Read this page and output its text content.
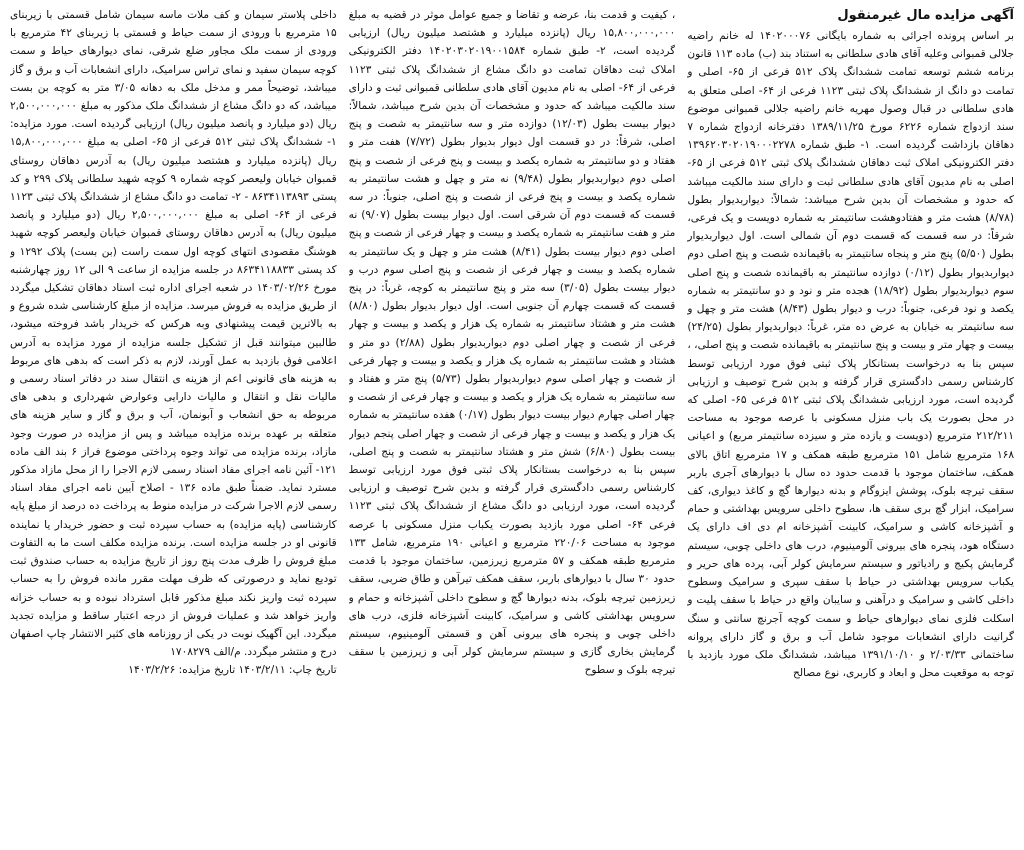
آگهی مزایده مال غیرمنقول

بر اساس پرونده اجرائی به شماره بایگانی ۱۴۰۲۰۰۰۷۶ له خانم راضیه جلالی قمبوانی وعلیه آقای هادی سلطانی به استناد بند (ب) ماده ۱۱۳ قانون برنامه ششم توسعه تمامت ششدانگ پلاک ۵۱۲ فرعی از ۶۵- اصلی و تمامت دو دانگ از ششدانگ پلاک ثبتی ۱۱۲۳ فرعی از ۶۴- اصلی متعلق به هادی سلطانی در قبال وصول مهریه خانم راضیه جلالی قمبوانی موضوع سند ازدواج شماره ۶۲۲۶ مورخ ۱۳۸۹/۱۱/۲۵ دفترخانه ازدواج شماره ۷ دهاقان بازداشت گردیده است. ۱- طبق شماره ۱۳۹۶۲۰۳۰۲۰۱۹۰۰۰۲۲۷۸ دفتر الکترونیکی املاک ثبت دهاقان ششدانگ پلاک ثبتی ۵۱۲ فرعی از ۶۵- اصلی به نام مدیون آقای هادی سلطانی ثبت و دارای سند مالکیت میباشد که حدود و مشخصات آن بدین شرح میباشد: شمالاً: دیواربدیوار بطول (۸/۷۸) هشت متر و هفتادوهشت سانتیمتر به شماره دویست و یک فرعی، شرقاً: در سه قسمت که قسمت دوم آن شمالی است. اول دیواربدیوار بطول (۵/۵۰) پنج متر و پنجاه سانتیمتر به باقیمانده شصت و پنج اصلی دوم دیواربدیوار بطول (۰/۱۲) دوازده سانتیمتر به باقیمانده شصت و پنج اصلی سوم دیواربدیوار بطول (۱۸/۹۲) هجده متر و نود و دو سانتیمتر به شماره یکصد و نود فرعی، جنوباً: درب و دیوار بطول (۸/۴۳) هشت متر و چهل و سه سانتیمتر به خیابان به عرض ده متر، غرباً: دیواربدیوار بطول (۲۴/۲۵) بیست و چهار متر و بیست و پنج سانتیمتر به باقیمانده شصت و پنج اصلی، ، سپس بنا به درخواست بستانکار پلاک ثبتی فوق مورد ارزیابی توسط کارشناس رسمی دادگستری قرار گرفته و بدین شرح توصیف و ارزیابی گردیده است، مورد ارزیابی ششدانگ پلاک ثبتی ۵۱۲ فرعی ۶۵- اصلی که در محل بصورت یک باب منزل مسکونی با عرصه موجود به مساحت ۲۱۲/۲۱۱ مترمربع (دویست و یازده متر و سیزده سانتیمتر مربع) و اعیانی ۱۶۸ مترمربع شامل ۱۵۱ مترمربع طبقه همکف و ۱۷ مترمربع اتاق بالای همکف، ساختمان موجود با قدمت حدود ده سال با دیوارهای آجری باربر سقف تیرچه بلوک، پوشش ایزوگام و بدنه دیوارها گچ و کاغذ دیواری، کف سرامیک، ابزار گچ بری سقف ها، سطوح داخلی سرویس بهداشتی و حمام و آشپزخانه کاشی و سرامیک، کابینت آشپزخانه ام دی اف دارای یک دستگاه هود، پنجره های بیرونی آلومینیوم، درب های داخلی چوبی، سیستم گرمایش پکیج و رادیاتور و سیستم سرمایش کولر آبی، پرده های حریر و یکباب سرویس بهداشتی در حیاط با سقف سپری و سرامیک وسطوح داخلی کاشی و سرامیک و درآهنی و سایبان واقع در حیاط با سقف پلیت و اسکلت فلزی نمای دیوارهای حیاط و سمت کوچه آجرنچ سانتی و سنگ گرانیت دارای انشعابات موجود شامل آب و برق و گاز دارای پروانه ساختمانی ۲/۰۳/۳۳ و ۱۳۹۱/۱۰/۱۰ میباشد، ششدانگ ملک مورد بازدید با توجه به موقعیت محل و ابعاد و کاربری، نوع مصالح

، کیفیت و قدمت بنا، عرضه و تقاضا و جمیع عوامل موثر در قضیه به مبلغ ۱۵,۸۰۰,۰۰۰,۰۰۰ ریال (پانزده میلیارد و هشتصد میلیون ریال) ارزیابی گردیده است، ۲- طبق شماره ۱۴۰۲۰۳۰۲۰۱۹۰۰۱۵۸۴ دفتر الکترونیکی املاک ثبت دهاقان تمامت دو دانگ مشاع از ششدانگ پلاک ثبتی ۱۱۲۳ فرعی از ۶۴- اصلی به نام مدیون آقای هادی سلطانی قمبوانی ثبت و دارای سند مالکیت میباشد که حدود و مشخصات آن بدین شرح میباشد، شمالاً: دیوار بیست بطول (۱۲/۰۳) دوازده متر و سه سانتیمتر به شصت و پنج اصلی، شرقاً: در دو قسمت اول دیوار بدیوار بطول (۷/۷۲) هفت متر و هفتاد و دو سانتیمتر به شماره یکصد و بیست و پنج فرعی از شصت و پنج اصلی دوم دیواربدیوار بطول (۹/۴۸) نه متر و چهل و هشت سانتیمتر به شماره یکصد و بیست و پنج فرعی از شصت و پنج اصلی، جنوباً: در سه قسمت که قسمت دوم آن شرقی است. اول دیوار بیست بطول (۹/۰۷) نه متر و هفت سانتیمتر به شماره یکصد و بیست و چهار فرعی از شصت و پنج اصلی دوم دیوار بیست بطول (۸/۴۱) هشت متر و چهل و یک سانتیمتر به شماره یکصد و بیست و چهار فرعی از شصت و پنج اصلی سوم درب و دیوار بیست بطول (۳/۰۵) سه متر و پنج سانتیمتر به کوچه، غرباً: در پنج قسمت که قسمت چهارم آن جنوبی است. اول دیوار بدیوار بطول (۸/۸۰) هشت متر و هشتاد سانتیمتر به شماره یک هزار و یکصد و بیست و چهار فرعی از شصت و چهار اصلی دوم دیواربدیوار بطول (۲/۸۸) دو متر و هشتاد و هشت سانتیمتر به شماره یک هزار و یکصد و بیست و چهار فرعی از شصت و چهار اصلی سوم دیواربدیوار بطول (۵/۷۳) پنج متر و هفتاد و سه سانتیمتر به شماره یک هزار و یکصد و بیست و چهار فرعی از شصت و چهار اصلی چهارم دیوار بیست دیوار بطول (۰/۱۷) هفده سانتیمتر به شماره یک هزار و یکصد و بیست و چهار فرعی از شصت و چهار اصلی پنجم دیوار بیست بطول (۶/۸۰) شش متر و هشتاد سانتیمتر به شصت و پنج اصلی، سپس بنا به درخواست بستانکار پلاک ثبتی فوق مورد ارزیابی توسط کارشناس رسمی دادگستری قرار گرفته و بدین شرح توصیف و ارزیابی گردیده است، مورد ارزیابی دو دانگ مشاع از ششدانگ پلاک ثبتی ۱۱۲۳ فرعی ۶۴- اصلی مورد بازدید بصورت یکباب منزل مسکونی با عرصه موجود به مساحت ۲۲۰/۰۶ مترمربع و اعیانی ۱۹۰ مترمربع، شامل ۱۳۳ مترمربع طبقه همکف و ۵۷ مترمربع زیرزمین، ساختمان موجود با قدمت حدود ۳۰ سال با دیوارهای باربر، سقف همکف تیرآهن و طاق ضربی، سقف زیرزمین تیرچه بلوک، بدنه دیوارها گچ و سطوح داخلی آشپزخانه و حمام و سرویس بهداشتی کاشی و سرامیک، کابینت آشپزخانه فلزی، درب های داخلی چوبی و پنجره های بیرونی آهن و قسمتی آلومینیوم، سیستم گرمایش بخاری گازی و سیستم سرمایش کولر آبی و زیرزمین با سقف تیرچه بلوک و سطوح

داخلی پلاستر سیمان و کف ملات ماسه سیمان شامل قسمتی با زیربنای ۱۵ مترمربع با ورودی از سمت حیاط و قسمتی با زیربنای ۴۲ مترمربع با ورودی از سمت ملک مجاور ضلع شرقی، نمای دیوارهای حیاط و سمت کوچه سیمان سفید و نمای تراس سرامیک، دارای انشعابات آب و برق و گاز میباشد، توضیحاً ممر و مدخل ملک به دهانه ۳/۰۵ متر به کوچه بن بست میباشد، که دو دانگ مشاع از ششدانگ ملک مذکور به مبلغ ۲,۵۰۰,۰۰۰,۰۰۰ ریال (دو میلیارد و پانصد میلیون ریال) ارزیابی گردیده است. مورد مزایده: ۱- ششدانگ پلاک ثبتی ۵۱۲ فرعی از ۶۵- اصلی به مبلغ ۱۵,۸۰۰,۰۰۰,۰۰۰ ریال (پانزده میلیارد و هشتصد میلیون ریال) به آدرس دهاقان روستای قمبوان خیابان ولیعصر کوچه شماره ۹ کوچه شهید سلطانی پلاک ۲۹۹ و کد پستی ۸۶۳۴۱۱۳۸۹۳ - ۲- تمامت دو دانگ مشاع از ششدانگ پلاک ثبتی ۱۱۲۳ فرعی از ۶۴- اصلی به مبلغ ۲,۵۰۰,۰۰۰,۰۰۰ ریال (دو میلیارد و پانصد میلیون ریال) به آدرس دهاقان روستای قمبوان خیابان ولیعصر کوچه شهید هوشنگ مقصودی انتهای کوچه اول سمت راست (بن بست) پلاک ۱۲۹۲ و کد پستی ۸۶۳۴۱۱۸۸۳۳ در جلسه مزایده از ساعت ۹ الی ۱۲ روز چهارشنبه مورخ ۱۴۰۳/۰۲/۲۶ در شعبه اجرای اداره ثبت اسناد دهاقان تشکیل میگردد از طریق مزایده به فروش میرسد. مزایده از مبلغ کارشناسی شده شروع و به بالاترین قیمت پیشنهادی وبه هرکس که خریدار باشد فروخته میشود، طالبین میتوانند قبل از تشکیل جلسه مزایده از مورد مزایده به آدرس اعلامی فوق بازدید به عمل آورند، لازم به ذکر است که بدهی های مربوط به هزینه های قانونی اعم از هزینه ی انتقال سند در دفاتر اسناد رسمی و مالیات نقل و انتقال و مالیات دارایی وعوارض شهرداری و بدهی های مربوطه به حق انشعاب و آبونمان، آب و برق و گاز و سایر هزینه های متعلقه بر عهده برنده مزایده میباشد و پس از مزایده در صورت وجود مازاد، برنده مزایده می تواند وجوه پرداختی موضوع فراز ۶ بند الف ماده ۱۲۱- آئین نامه اجرای مفاد اسناد رسمی لازم الاجرا را از محل مازاد مذکور مسترد نماید. ضمناً طبق ماده ۱۳۶ - اصلاح آیین نامه اجرای مفاد اسناد رسمی لازم الاجرا شرکت در مزایده منوط به پرداخت ده درصد از مبلغ پایه کارشناسی (پایه مزایده) به حساب سپرده ثبت و حضور خریدار یا نماینده قانونی او در جلسه مزایده است. برنده مزایده مکلف است ما به التفاوت مبلغ فروش را ظرف مدت پنج روز از تاریخ مزایده به حساب صندوق ثبت تودیع نماید و درصورتی که ظرف مهلت مقرر مانده فروش را به حساب سپرده ثبت واریز نکند مبلغ مذکور قابل استرداد نبوده و به حساب خزانه واریز خواهد شد و عملیات فروش از درجه اعتبار ساقط و مزایده تجدید میگردد. این آگهیک نوبت در یکی از روزنامه های کثیر الانتشار چاپ اصفهان درج و منتشر میگردد. م/الف ۱۷۰۸۲۷۹

تاریخ چاپ: ۱۴۰۳/۲/۱۱ تاریخ مزایده: ۱۴۰۳/۲/۲۶
